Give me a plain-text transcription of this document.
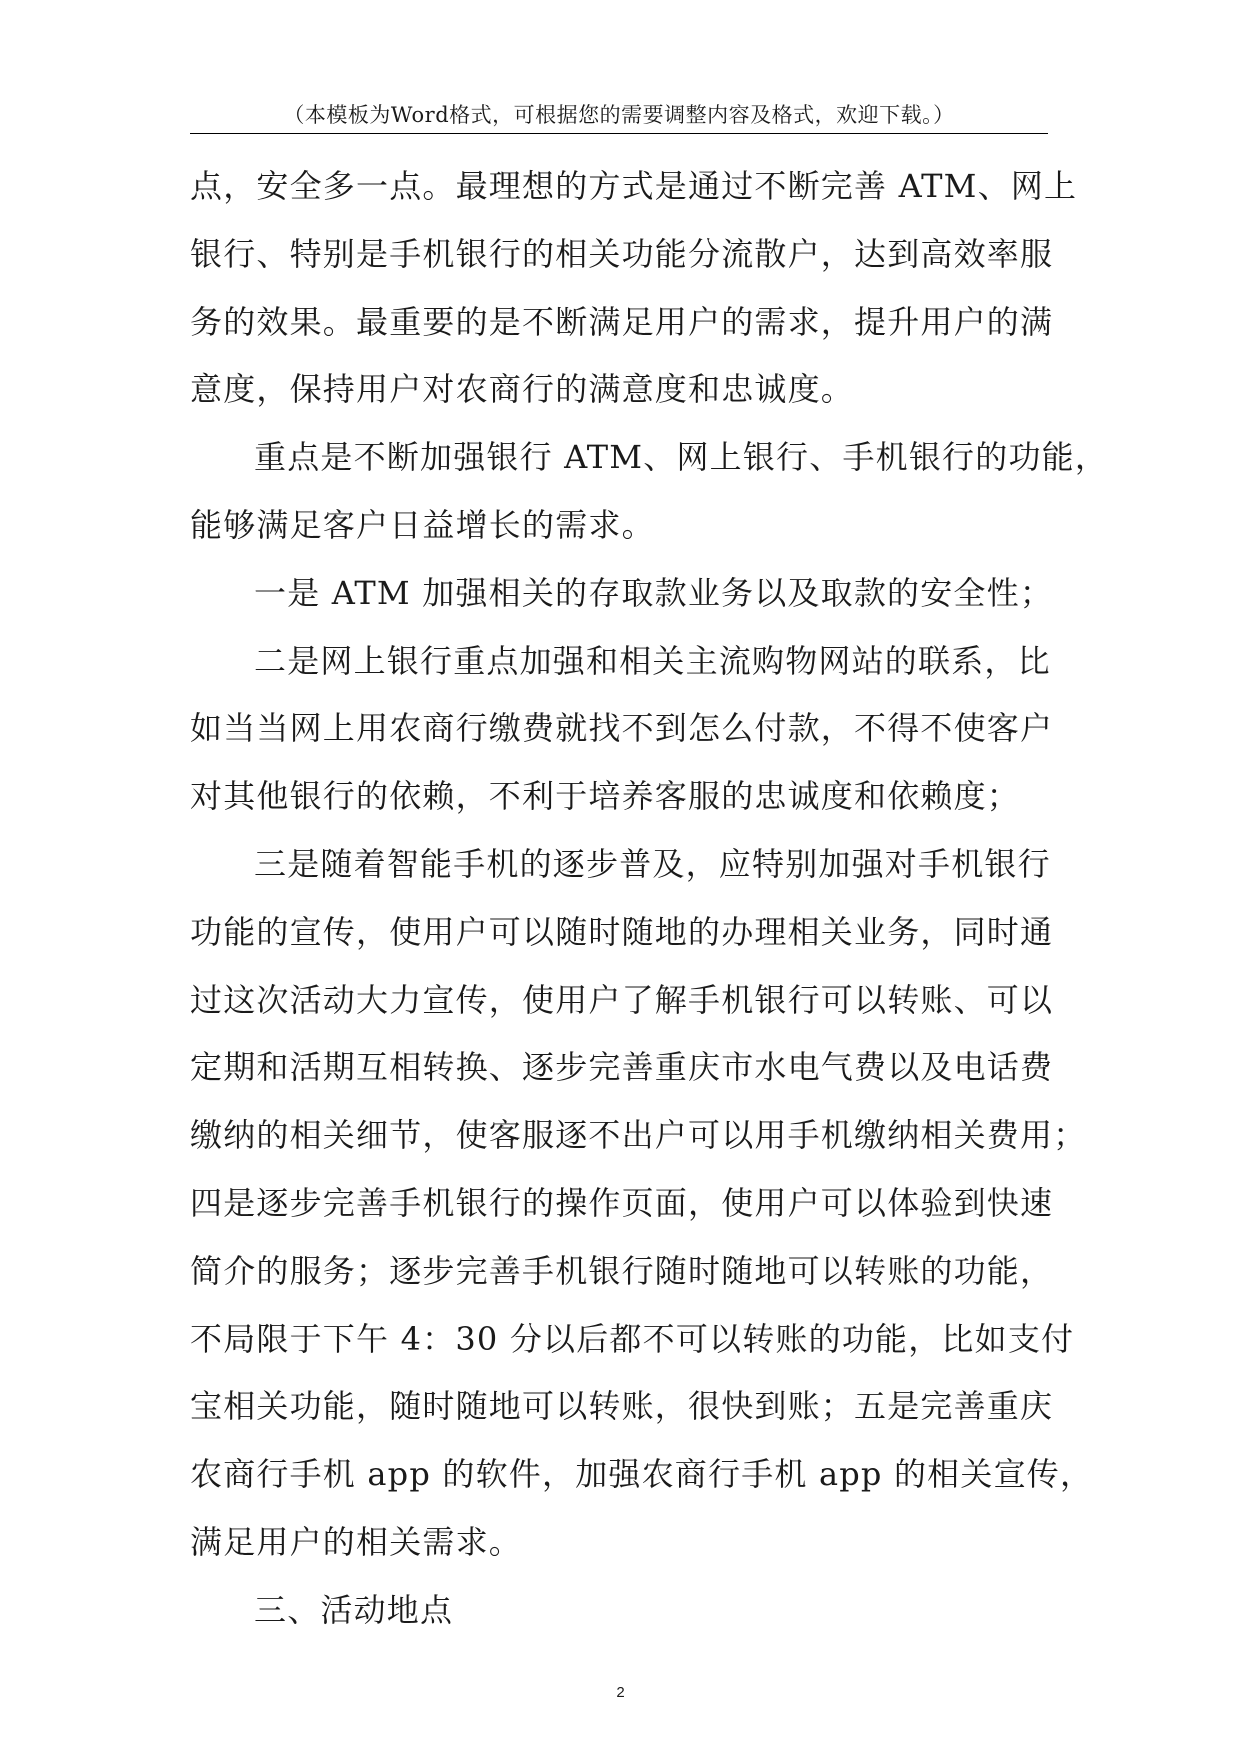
（本模板为Word格式，可根据您的需要调整内容及格式，欢迎下载。）
点，安全多一点。最理想的方式是通过不断完善 ATM、网上
银行、特别是手机银行的相关功能分流散户，达到高效率服
务的效果。最重要的是不断满足用户的需求，提升用户的满
意度，保持用户对农商行的满意度和忠诚度。
重点是不断加强银行 ATM、网上银行、手机银行的功能，
能够满足客户日益增长的需求。
一是 ATM 加强相关的存取款业务以及取款的安全性；
二是网上银行重点加强和相关主流购物网站的联系，比
如当当网上用农商行缴费就找不到怎么付款，不得不使客户
对其他银行的依赖，不利于培养客服的忠诚度和依赖度；
三是随着智能手机的逐步普及，应特别加强对手机银行
功能的宣传，使用户可以随时随地的办理相关业务，同时通
过这次活动大力宣传，使用户了解手机银行可以转账、可以
定期和活期互相转换、逐步完善重庆市水电气费以及电话费
缴纳的相关细节，使客服逐不出户可以用手机缴纳相关费用；
四是逐步完善手机银行的操作页面，使用户可以体验到快速
简介的服务；逐步完善手机银行随时随地可以转账的功能，
不局限于下午 4：30 分以后都不可以转账的功能，比如支付
宝相关功能，随时随地可以转账，很快到账；五是完善重庆
农商行手机 app 的软件，加强农商行手机 app 的相关宣传，
满足用户的相关需求。
三、活动地点
2
